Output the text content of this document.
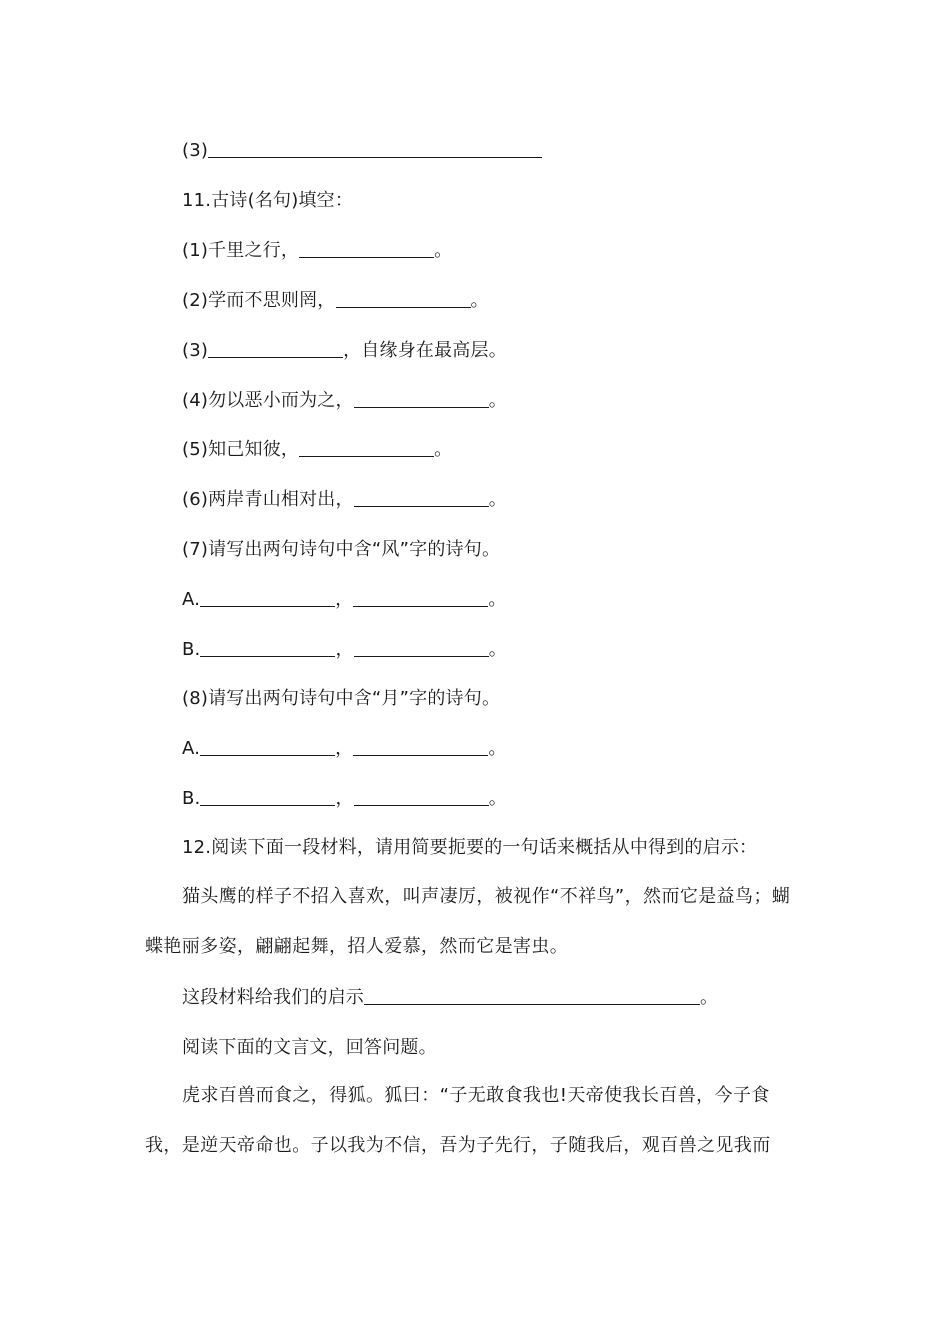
(3)
11.古诗(名句)填空：
(1)千里之行，	。
(2)学而不思则罔，	。
(3)	，自缘身在最高层。
(4)勿以恶小而为之，	。
(5)知己知彼，	。
(6)两岸青山相对出，	。
(7)请写出两句诗句中含“风”字的诗句。
A.	，	。
B.	，	。
(8)请写出两句诗句中含“月”字的诗句。
A.	，	。
B.	，	。
12.阅读下面一段材料，请用简要扼要的一句话来概括从中得到的启示：
猫头鹰的样子不招入喜欢，叫声凄厉，被视作“不祥鸟”，然而它是益鸟；蝴蝶艳丽多姿，翩翩起舞，招人爱慕，然而它是害虫。
这段材料给我们的启示	。
阅读下面的文言文，回答问题。
虎求百兽而食之，得狐。狐曰：“子无敢食我也!天帝使我长百兽，今子食我，是逆天帝命也。子以我为不信，吾为子先行，子随我后，观百兽之见我而
